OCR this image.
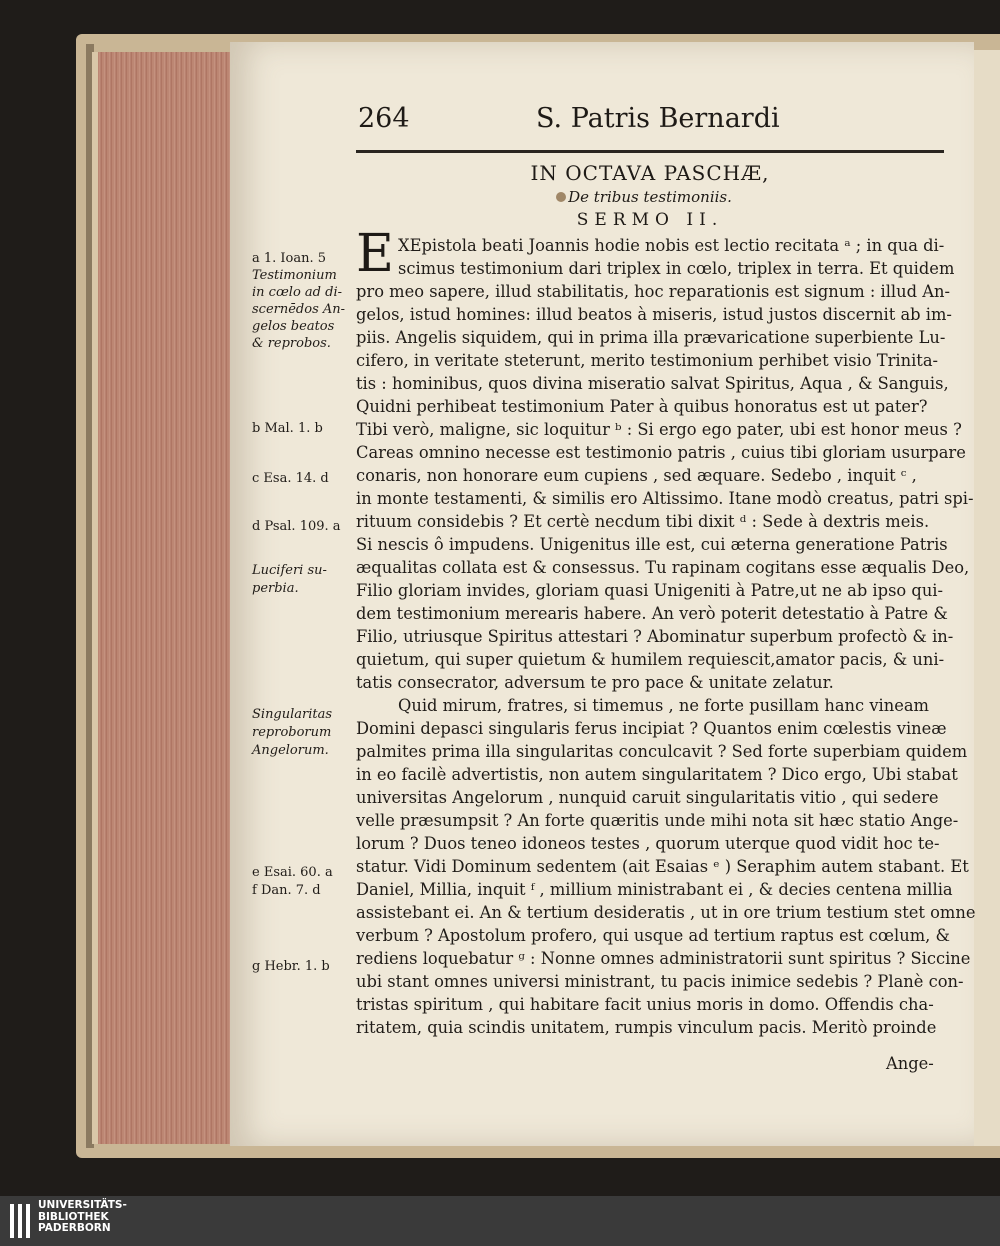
264	S. Patris Bernardi
IN OCTAVA PASCHÆ,
De tribus testimoniis.
SERMO II.
E XEpistola beati Joannis hodie nobis est lectio recitata ᵃ ; in qua di-
scimus testimonium dari triplex in cœlo, triplex in terra. Et quidem
pro meo sapere, illud stabilitatis, hoc reparationis est signum : illud An-
gelos, istud homines: illud beatos à miseris, istud justos discernit ab im-
piis. Angelis siquidem, qui in prima illa prævaricatione superbiente Lu-
cifero, in veritate steterunt, merito testimonium perhibet visio Trinita-
tis : hominibus, quos divina miseratio salvat Spiritus, Aqua , & Sanguis,
Quidni perhibeat testimonium Pater à quibus honoratus est ut pater?
Tibi verò, maligne, sic loquitur ᵇ : Si ergo ego pater, ubi est honor meus ?
Careas omnino necesse est testimonio patris , cuius tibi gloriam usurpare
conaris, non honorare eum cupiens , sed æquare. Sedebo , inquit ᶜ ,
in monte testamenti, & similis ero Altissimo. Itane modò creatus, patri spi-
rituum considebis ? Et certè necdum tibi dixit ᵈ : Sede à dextris meis.
Si nescis ô impudens. Unigenitus ille est, cui æterna generatione Patris
æqualitas collata est & consessus. Tu rapinam cogitans esse æqualis Deo,
Filio gloriam invides, gloriam quasi Unigeniti à Patre,ut ne ab ipso qui-
dem testimonium merearis habere. An verò poterit detestatio à Patre &
Filio, utriusque Spiritus attestari ? Abominatur superbum profectò & in-
quietum, qui super quietum & humilem requiescit,amator pacis, & uni-
tatis consecrator, adversum te pro pace & unitate zelatur.
Quid mirum, fratres, si timemus , ne forte pusillam hanc vineam
Domini depasci singularis ferus incipiat ? Quantos enim cœlestis vineæ
palmites prima illa singularitas conculcavit ? Sed forte superbiam quidem
in eo facilè advertistis, non autem singularitatem ? Dico ergo, Ubi stabat
universitas Angelorum , nunquid caruit singularitatis vitio , qui sedere
velle præsumpsit ? An forte quæritis unde mihi nota sit hæc statio Ange-
lorum ? Duos teneo idoneos testes , quorum uterque quod vidit hoc te-
statur. Vidi Dominum sedentem (ait Esaias ᵉ ) Seraphim autem stabant. Et
Daniel, Millia, inquit ᶠ , millium ministrabant ei , & decies centena millia
assistebant ei. An & tertium desideratis , ut in ore trium testium stet omne
verbum ? Apostolum profero, qui usque ad tertium raptus est cœlum, &
rediens loquebatur ᵍ : Nonne omnes administratorii sunt spiritus ? Siccine
ubi stant omnes universi ministrant, tu pacis inimice sedebis ? Planè con-
tristas spiritum , qui habitare facit unius moris in domo. Offendis cha-
ritatem, quia scindis unitatem, rumpis vinculum pacis. Meritò proinde
Ange-
a 1. Ioan. 5
Testimonium
in cœlo ad di-
scernēdos An-
gelos beatos
& reprobos.
b Mal. 1. b
c Esa. 14. d
d Psal. 109. a
Luciferi su-
perbia.
Singularitas
reproborum
Angelorum.
e Esai. 60. a
f Dan. 7. d
g Hebr. 1. b
UNIVERSITÄTS-
BIBLIOTHEK
PADERBORN
